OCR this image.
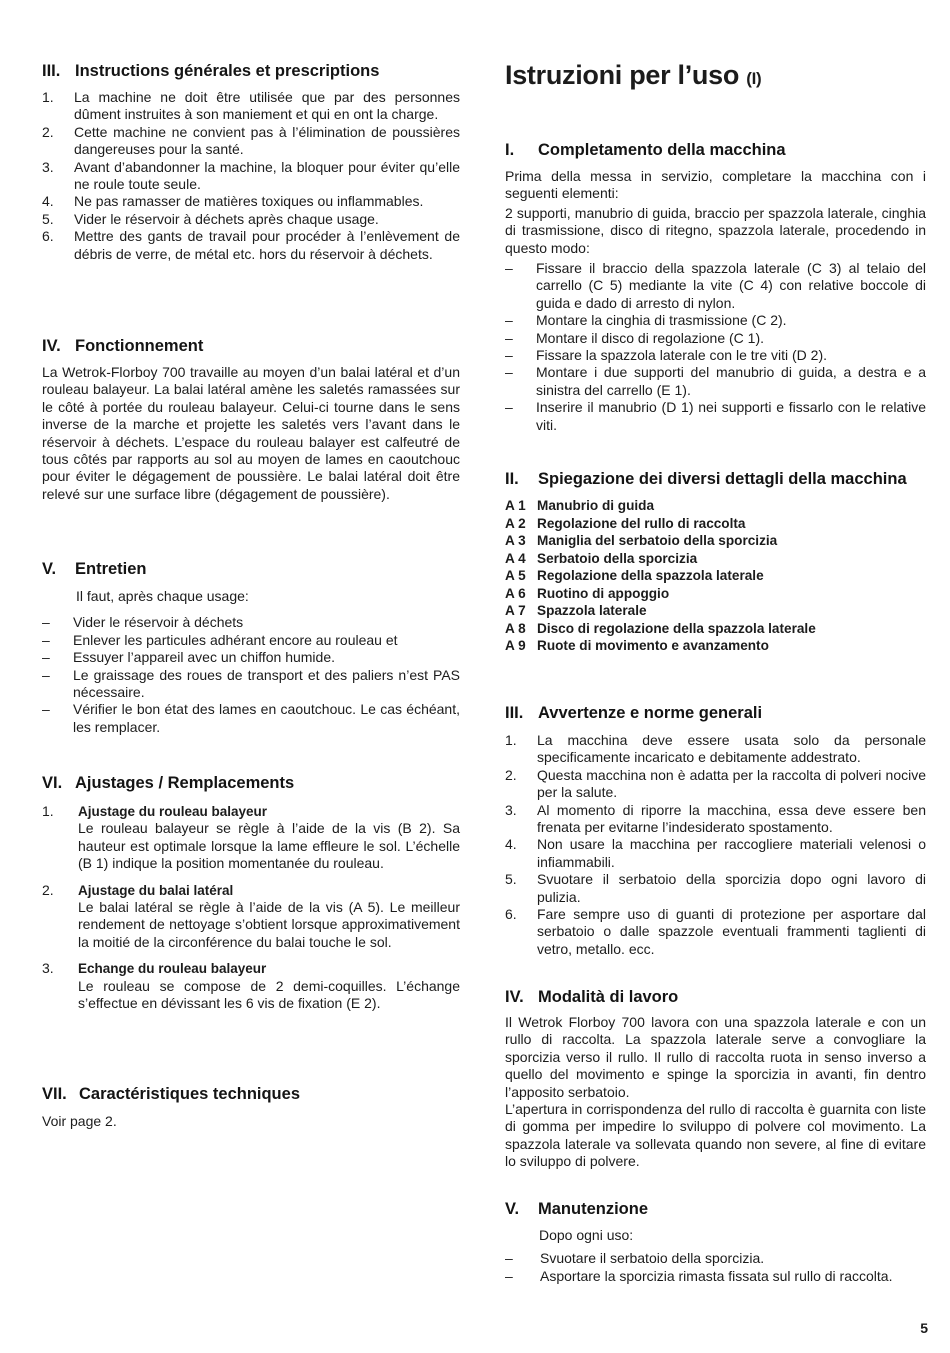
III. Instructions générales et prescriptions
1.	La machine ne doit être utilisée que par des personnes dûment instruites à son maniement et qui en ont la charge.
2.	Cette machine ne convient pas à l’élimination de poussières dangereuses pour la santé.
3.	Avant d’abandonner la machine, la bloquer pour éviter qu’elle ne roule toute seule.
4.	Ne pas ramasser de matières toxiques ou inflammables.
5.	Vider le réservoir à déchets après chaque usage.
6.	Mettre des gants de travail pour procéder à l’enlèvement de débris de verre, de métal etc. hors du réservoir à déchets.
IV. Fonctionnement

La Wetrok-Florboy 700 travaille au moyen d’un balai latéral et d’un rouleau balayeur. La balai latéral amène les saletés ramassées sur le côté à portée du rouleau balayeur. Celui-ci tourne dans le sens inverse de la marche et projette les saletés vers l’avant dans le réservoir à déchets. L’espace du rouleau balayer est calfeutré de tous côtés par rapports au sol au moyen de lames en caoutchouc pour éviter le dégagement de poussière. Le balai latéral doit être relevé sur une surface libre (dégagement de poussière).

V.	Entretien

Il faut, après chaque usage:

–	Vider le réservoir à déchets
–	Enlever les particules adhérant encore au rouleau et
–	Essuyer l’appareil avec un chiffon humide.
–	Le graissage des roues de transport et des paliers n’est PAS nécessaire.
–	Vérifier le bon état des lames en caoutchouc. Le cas échéant, les remplacer.
VI. Ajustages / Remplacements
1.	Ajustage du rouleau balayeur
Le rouleau balayeur se règle à l’aide de la vis (B 2). Sa hauteur est optimale lorsque la lame effleure le sol. L’échelle (B 1) indique la position momentanée du rouleau.
2.	Ajustage du balai latéral
Le balai latéral se règle à l’aide de la vis (A 5). Le meilleur rendement de nettoyage s’obtient lorsque approximativement la moitié de la circonférence du balai touche le sol.
3.	Echange du rouleau balayeur
Le rouleau se compose de 2 demi-coquilles. L’échange s’effectue en dévissant les 6 vis de fixation (E 2).
VII. Caractéristiques techniques

Voir page 2.

Istruzioni per l’uso (I)
I.	Completamento della macchina

Prima della messa in servizio, completare la macchina con i seguenti elementi:

2 supporti, manubrio di guida, braccio per spazzola laterale, cinghia di trasmissione, disco di ritegno, spazzola laterale, procedendo in questo modo:

–	Fissare il braccio della spazzola laterale (C 3) al telaio del carrello (C 5) mediante la vite (C 4) con relative boccole di guida e dado di arresto di nylon.
–	Montare la cinghia di trasmissione (C 2).
–	Montare il disco di regolazione (C 1).
–	Fissare la spazzola laterale con le tre viti (D 2).
–	Montare i due supporti del manubrio di guida, a destra e a sinistra del carrello (E 1).
–	Inserire il manubrio (D 1) nei supporti e fissarlo con le relative viti.
II.	Spiegazione dei diversi dettagli della macchina
A 1 Manubrio di guida
A 2 Regolazione del rullo di raccolta
A 3 Maniglia del serbatoio della sporcizia
A 4 Serbatoio della sporcizia
A 5 Regolazione della spazzola laterale
A 6 Ruotino di appoggio
A 7 Spazzola laterale
A 8 Disco di regolazione della spazzola laterale
A 9 Ruote di movimento e avanzamento
III. Avvertenze e norme generali
1.	La macchina deve essere usata solo da personale specificamente incaricato e debitamente addestrato.
2.	Questa macchina non è adatta per la raccolta di polveri nocive per la salute.
3.	Al momento di riporre la macchina, essa deve essere ben frenata per evitarne l’indesiderato spostamento.
4.	Non usare la macchina per raccogliere materiali velenosi o infiammabili.
5.	Svuotare il serbatoio della sporcizia dopo ogni lavoro di pulizia.
6.	Fare sempre uso di guanti di protezione per asportare dal serbatoio o dalle spazzole eventuali frammenti taglienti di vetro, metallo. ecc.
IV. Modalità di lavoro

Il Wetrok Florboy 700 lavora con una spazzola laterale e con un rullo di raccolta. La spazzola laterale serve a convogliare la sporcizia verso il rullo. Il rullo di raccolta ruota in senso inverso a quello del movimento e spinge la sporcizia in avanti, fin dentro l’apposito serbatoio.

L’apertura in corrispondenza del rullo di raccolta è guarnita con liste di gomma per impedire lo sviluppo di polvere col movimento. La spazzola laterale va sollevata quando non severe, al fine di evitare lo sviluppo di polvere.

V.	Manutenzione

Dopo ogni uso:

–	Svuotare il serbatoio della sporcizia.
–	Asportare la sporcizia rimasta fissata sul rullo di raccolta.
5
